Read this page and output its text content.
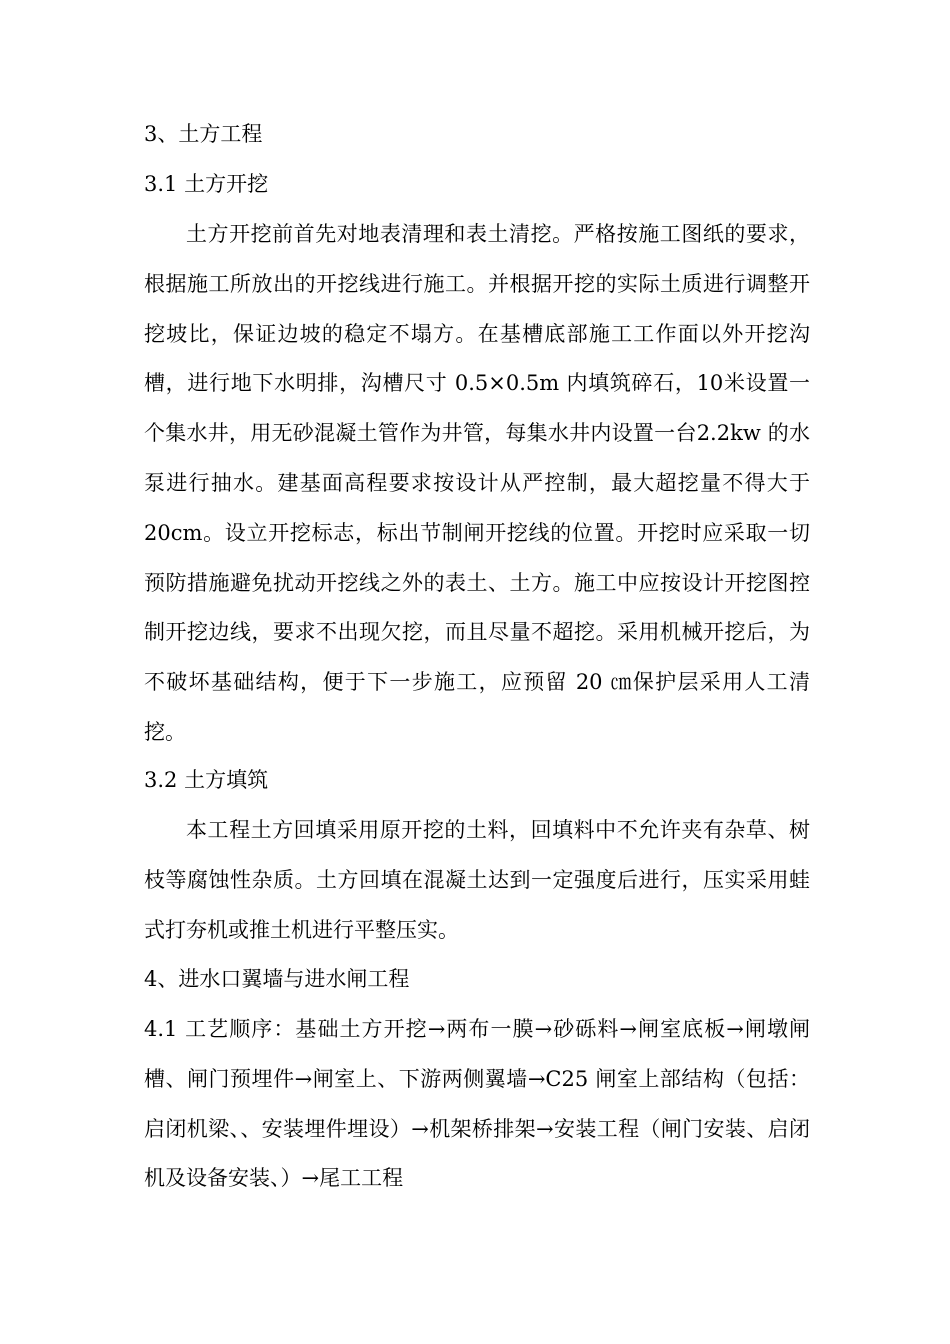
3、土方工程
3.1 土方开挖

土方开挖前首先对地表清理和表土清挖。严格按施工图纸的要求，根据施工所放出的开挖线进行施工。并根据开挖的实际土质进行调整开挖坡比，保证边坡的稳定不塌方。在基槽底部施工工作面以外开挖沟槽，进行地下水明排，沟槽尺寸 0.5×0.5m 内填筑碎石，10米设置一个集水井，用无砂混凝土管作为井管，每集水井内设置一台2.2kw 的水泵进行抽水。建基面高程要求按设计从严控制，最大超挖量不得大于 20cm。设立开挖标志，标出节制闸开挖线的位置。开挖时应采取一切预防措施避免扰动开挖线之外的表土、土方。施工中应按设计开挖图控制开挖边线，要求不出现欠挖，而且尽量不超挖。采用机械开挖后，为不破坏基础结构，便于下一步施工，应预留 20 ㎝保护层采用人工清挖。

3.2 土方填筑

本工程土方回填采用原开挖的土料，回填料中不允许夹有杂草、树枝等腐蚀性杂质。土方回填在混凝土达到一定强度后进行，压实采用蛙式打夯机或推土机进行平整压实。

4、进水口翼墙与进水闸工程

4.1 工艺顺序：基础土方开挖→两布一膜→砂砾料→闸室底板→闸墩闸槽、闸门预埋件→闸室上、下游两侧翼墙→C25 闸室上部结构（包括：启闭机梁、、安装埋件埋设）→机架桥排架→安装工程（闸门安装、启闭机及设备安装、）→尾工工程
